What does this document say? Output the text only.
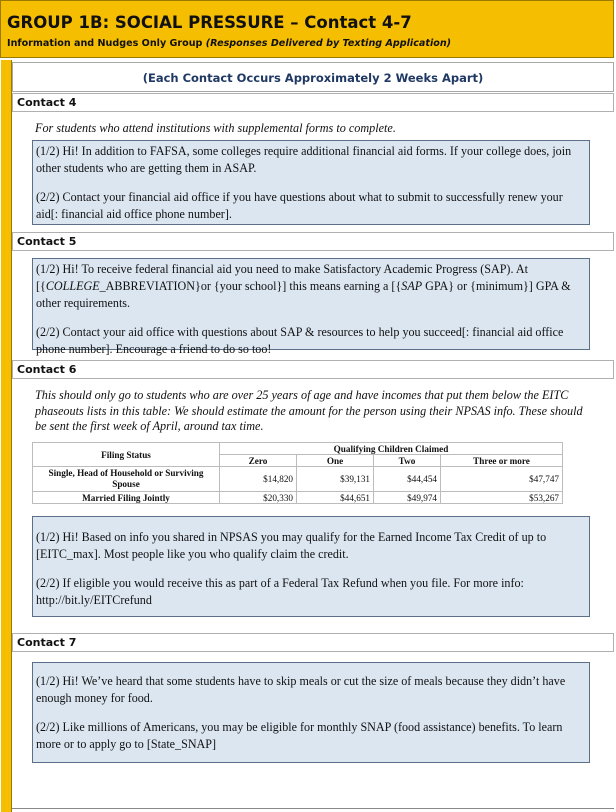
GROUP 1B: SOCIAL PRESSURE – Contact 4-7
Information and Nudges Only Group (Responses Delivered by Texting Application)
(Each Contact Occurs Approximately 2 Weeks Apart)
Contact 4
For students who attend institutions with supplemental forms to complete.

(1/2) Hi! In addition to FAFSA, some colleges require additional financial aid forms. If your college does, join other students who are getting them in ASAP.

(2/2) Contact your financial aid office if you have questions about what to submit to successfully renew your aid[: financial aid office phone number].

Contact 5

(1/2) Hi! To receive federal financial aid you need to make Satisfactory Academic Progress (SAP). At [{COLLEGE_ABBREVIATION}or {your school}] this means earning a [{SAP GPA} or {minimum}] GPA & other requirements.

(2/2) Contact your aid office with questions about SAP & resources to help you succeed[: financial aid office phone number]. Encourage a friend to do so too!

Contact 6
This should only go to students who are over 25 years of age and have incomes that put them below the EITC phaseouts lists in this table: We should estimate the amount for the person using their NPSAS info. These should be sent the first week of April, around tax time.
Filing Status	Qualifying Children Claimed			
	Zero	One	Two	Three or more
Single, Head of Household or Surviving Spouse	$14,820	$39,131	$44,454	$47,747
Married Filing Jointly	$20,330	$44,651	$49,974	$53,267

(1/2) Hi! Based on info you shared in NPSAS you may qualify for the Earned Income Tax Credit of up to [EITC_max]. Most people like you who qualify claim the credit.

(2/2) If eligible you would receive this as part of a Federal Tax Refund when you file. For more info: http://bit.ly/EITCrefund

Contact 7

(1/2) Hi! We’ve heard that some students have to skip meals or cut the size of meals because they didn’t have enough money for food.

(2/2) Like millions of Americans, you may be eligible for monthly SNAP (food assistance) benefits. To learn more or to apply go to [State_SNAP]
